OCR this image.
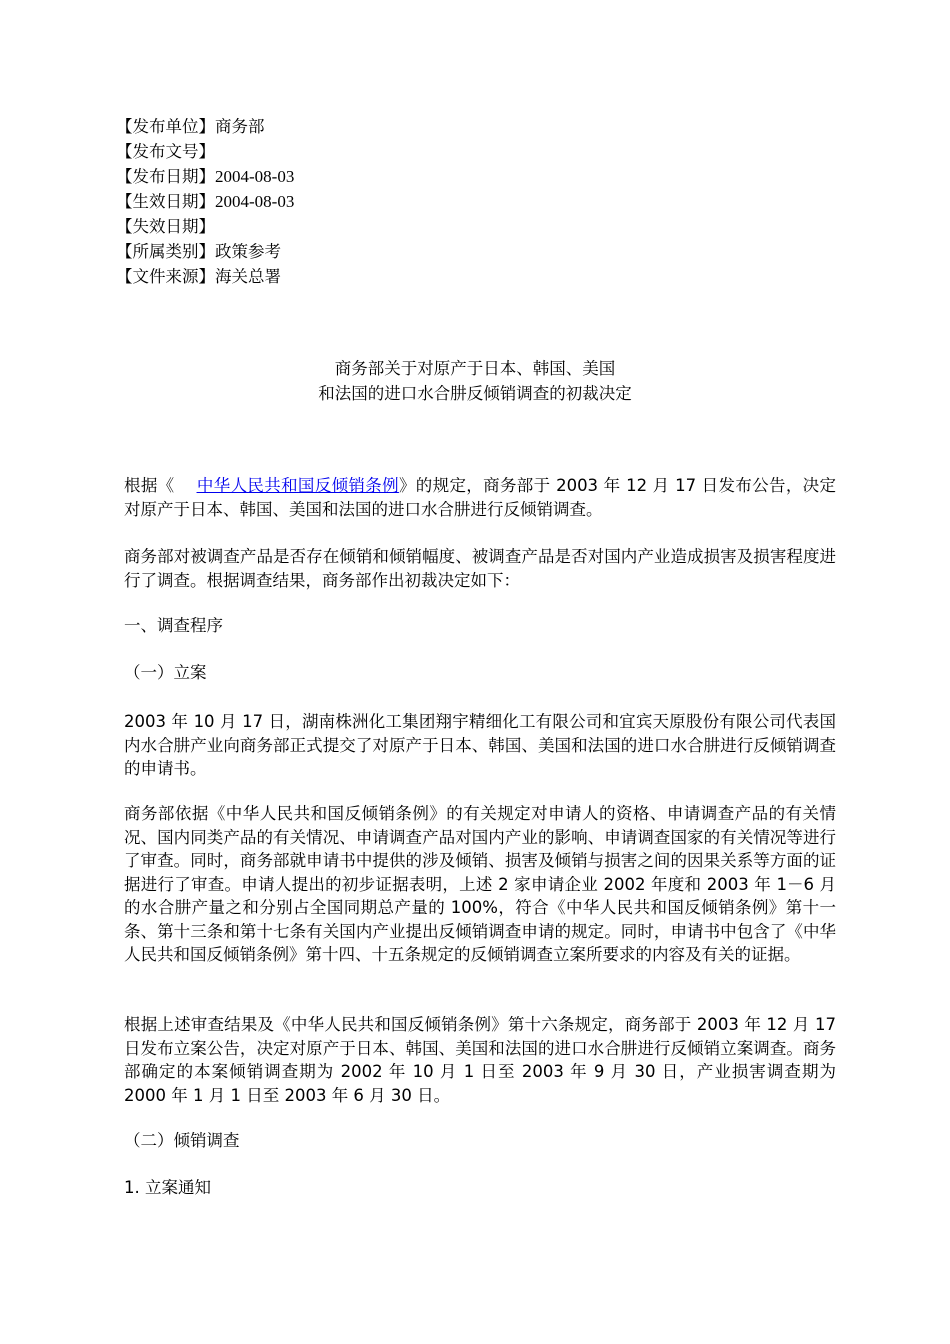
【发布单位】商务部
【发布文号】
【发布日期】2004-08-03
【生效日期】2004-08-03
【失效日期】
【所属类别】政策参考
【文件来源】海关总署
商务部关于对原产于日本、韩国、美国
和法国的进口水合肼反倾销调查的初裁决定
根据《 中华人民共和国反倾销条例》的规定，商务部于 2003 年 12 月 17 日发布公告，决定对原产于日本、韩国、美国和法国的进口水合肼进行反倾销调查。
商务部对被调查产品是否存在倾销和倾销幅度、被调查产品是否对国内产业造成损害及损害程度进行了调查。根据调查结果，商务部作出初裁决定如下：
一、调查程序
（一）立案
2003 年 10 月 17 日，湖南株洲化工集团翔宇精细化工有限公司和宜宾天原股份有限公司代表国内水合肼产业向商务部正式提交了对原产于日本、韩国、美国和法国的进口水合肼进行反倾销调查的申请书。
商务部依据《中华人民共和国反倾销条例》的有关规定对申请人的资格、申请调查产品的有关情况、国内同类产品的有关情况、申请调查产品对国内产业的影响、申请调查国家的有关情况等进行了审查。同时，商务部就申请书中提供的涉及倾销、损害及倾销与损害之间的因果关系等方面的证据进行了审查。申请人提出的初步证据表明，上述 2 家申请企业 2002 年度和 2003 年 1－6 月的水合肼产量之和分别占全国同期总产量的 100%，符合《中华人民共和国反倾销条例》第十一条、第十三条和第十七条有关国内产业提出反倾销调查申请的规定。同时，申请书中包含了《中华人民共和国反倾销条例》第十四、十五条规定的反倾销调查立案所要求的内容及有关的证据。
根据上述审查结果及《中华人民共和国反倾销条例》第十六条规定，商务部于 2003 年 12 月 17 日发布立案公告，决定对原产于日本、韩国、美国和法国的进口水合肼进行反倾销立案调查。商务部确定的本案倾销调查期为 2002 年 10 月 1 日至 2003 年 9 月 30 日，产业损害调查期为 2000 年 1 月 1 日至 2003 年 6 月 30 日。
（二）倾销调查
1. 立案通知
